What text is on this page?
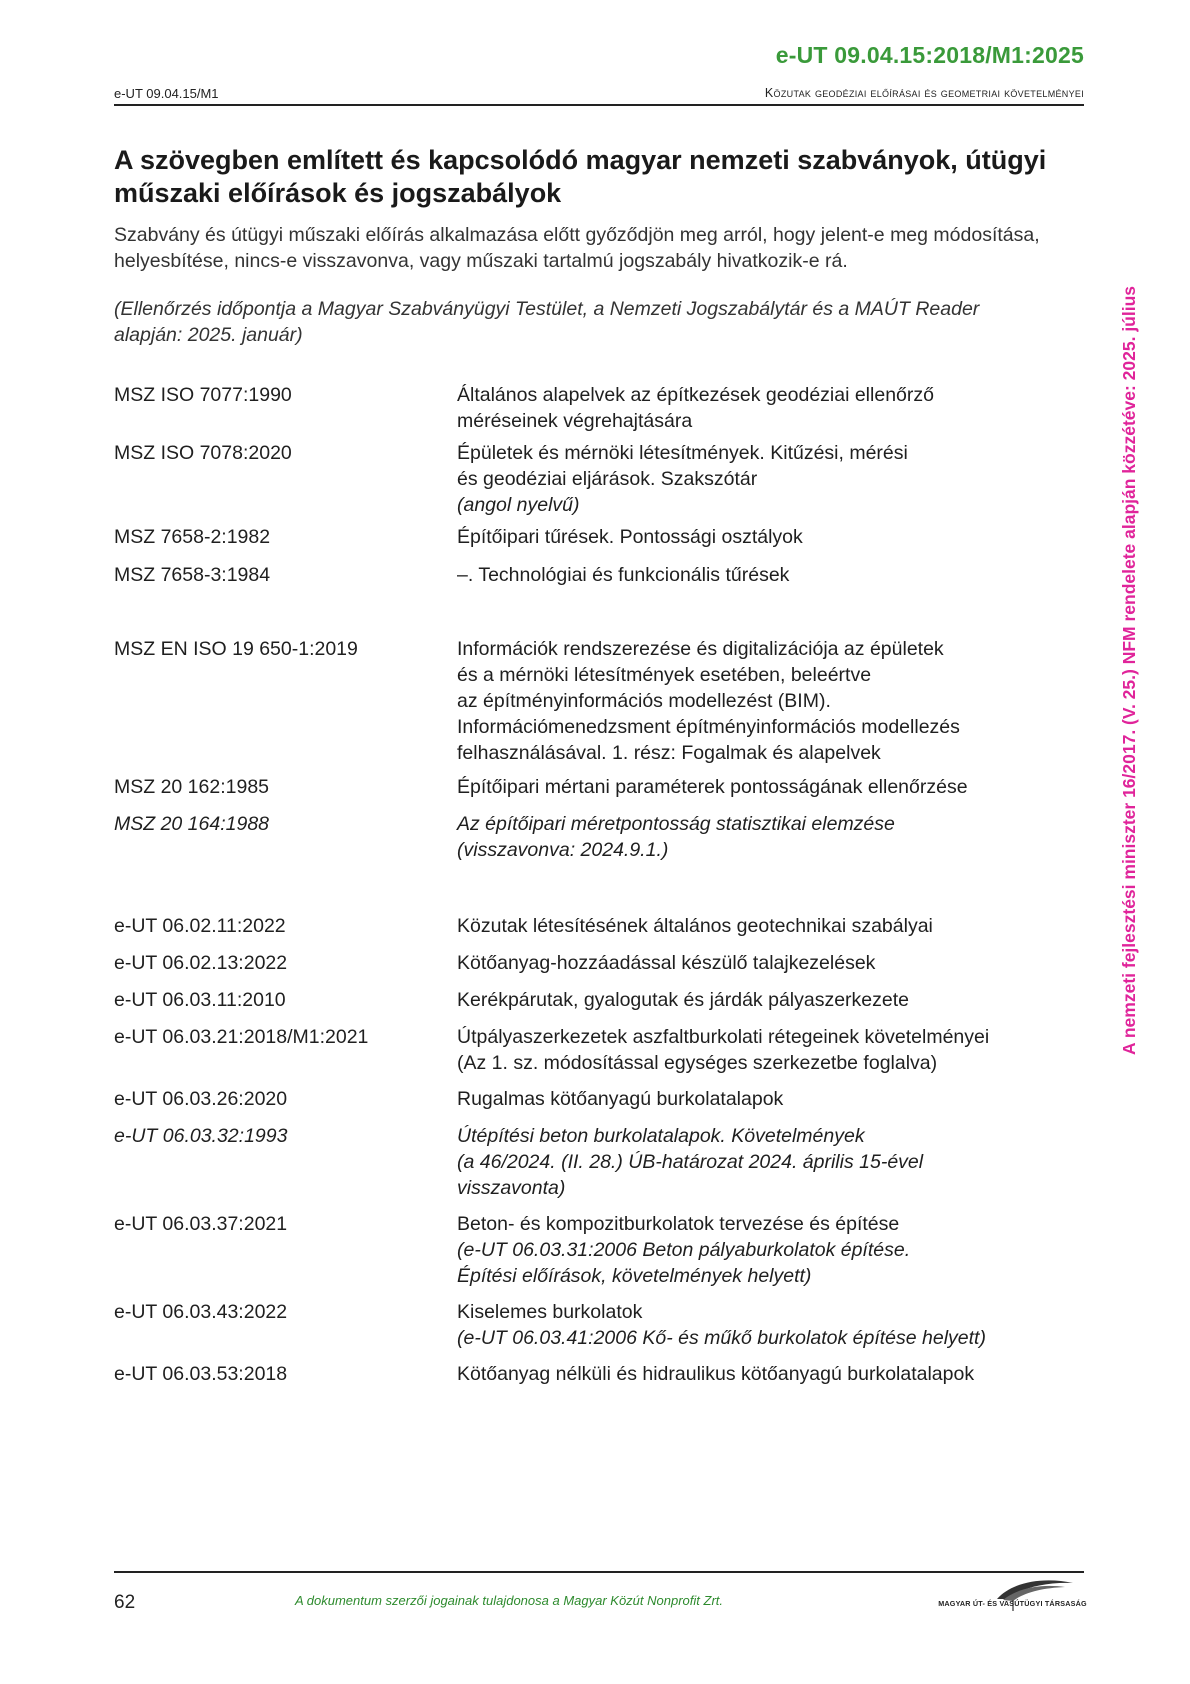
e-UT 09.04.15:2018/M1:2025
e-UT 09.04.15/M1	Közutak geodéziai előírásai és geometriai követelményei
A nemzeti fejlesztési miniszter 16/2017. (V. 25.) NFM rendelete alapján közzétéve: 2025. július
A szövegben említett és kapcsolódó magyar nemzeti szabványok, útügyi műszaki előírások és jogszabályok

Szabvány és útügyi műszaki előírás alkalmazása előtt győződjön meg arról, hogy jelent-e meg módosítása, helyesbítése, nincs-e visszavonva, vagy műszaki tartalmú jogszabály hivatkozik-e rá.

(Ellenőrzés időpontja a Magyar Szabványügyi Testület, a Nemzeti Jogszabálytár és a MAÚT Reader alapján: 2025. január)

MSZ ISO 7077:1990	Általános alapelvek az építkezések geodéziai ellenőrző
méréseinek végrehajtására
MSZ ISO 7078:2020	Épületek és mérnöki létesítmények. Kitűzési, mérési
és geodéziai eljárások. Szakszótár
(angol nyelvű)
MSZ 7658-2:1982	Építőipari tűrések. Pontossági osztályok
MSZ 7658-3:1984	–. Technológiai és funkcionális tűrések
MSZ EN ISO 19 650-1:2019	Információk rendszerezése és digitalizációja az épületek
és a mérnöki létesítmények esetében, beleértve
az építményinformációs modellezést (BIM).
Információmenedzsment építményinformációs modellezés
felhasználásával. 1. rész: Fogalmak és alapelvek
MSZ 20 162:1985	Építőipari mértani paraméterek pontosságának ellenőrzése
MSZ 20 164:1988	Az építőipari méretpontosság statisztikai elemzése
(visszavonva: 2024.9.1.)
e-UT 06.02.11:2022	Közutak létesítésének általános geotechnikai szabályai
e-UT 06.02.13:2022	Kötőanyag-hozzáadással készülő talajkezelések
e-UT 06.03.11:2010	Kerékpárutak, gyalogutak és járdák pályaszerkezete
e-UT 06.03.21:2018/M1:2021	Útpályaszerkezetek aszfaltburkolati rétegeinek követelményei
(Az 1. sz. módosítással egységes szerkezetbe foglalva)
e-UT 06.03.26:2020	Rugalmas kötőanyagú burkolatalapok
e-UT 06.03.32:1993	Útépítési beton burkolatalapok. Követelmények
(a 46/2024. (II. 28.) ÚB-határozat 2024. április 15-ével
visszavonta)
e-UT 06.03.37:2021	Beton- és kompozitburkolatok tervezése és építése
(e-UT 06.03.31:2006 Beton pályaburkolatok építése.
Építési előírások, követelmények helyett)
e-UT 06.03.43:2022	Kiselemes burkolatok
(e-UT 06.03.41:2006 Kő- és műkő burkolatok építése helyett)
e-UT 06.03.53:2018	Kötőanyag nélküli és hidraulikus kötőanyagú burkolatalapok
62	A dokumentum szerzői jogainak tulajdonosa a Magyar Közút Nonprofit Zrt.	MAGYAR ÚT- ÉS VASÚTÜGYI TÁRSASÁG
